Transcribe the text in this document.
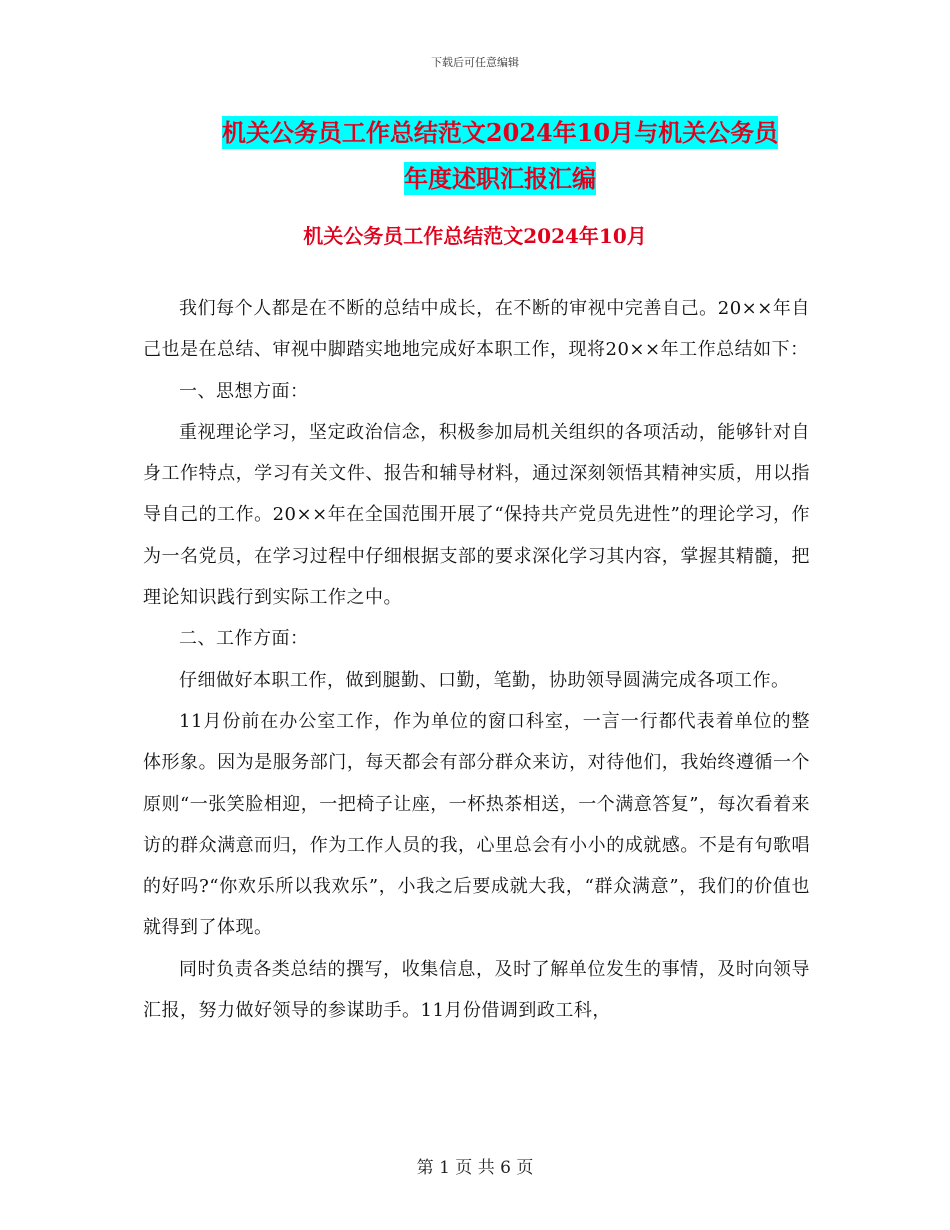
下载后可任意编辑
机关公务员工作总结范文2024年10月与机关公务员
年度述职汇报汇编
机关公务员工作总结范文2024年10月

我们每个人都是在不断的总结中成长，在不断的审视中完善自己。20××年自己也是在总结、审视中脚踏实地地完成好本职工作，现将20××年工作总结如下：

一、思想方面：

重视理论学习，坚定政治信念，积极参加局机关组织的各项活动，能够针对自身工作特点，学习有关文件、报告和辅导材料，通过深刻领悟其精神实质，用以指导自己的工作。20××年在全国范围开展了“保持共产党员先进性”的理论学习，作为一名党员，在学习过程中仔细根据支部的要求深化学习其内容，掌握其精髓，把理论知识践行到实际工作之中。

二、工作方面：

仔细做好本职工作，做到腿勤、口勤，笔勤，协助领导圆满完成各项工作。

11月份前在办公室工作，作为单位的窗口科室，一言一行都代表着单位的整体形象。因为是服务部门，每天都会有部分群众来访，对待他们，我始终遵循一个原则“一张笑脸相迎，一把椅子让座，一杯热茶相送，一个满意答复”，每次看着来访的群众满意而归，作为工作人员的我，心里总会有小小的成就感。不是有句歌唱的好吗?“你欢乐所以我欢乐”，小我之后要成就大我，“群众满意”，我们的价值也就得到了体现。

同时负责各类总结的撰写，收集信息，及时了解单位发生的事情，及时向领导汇报，努力做好领导的参谋助手。11月份借调到政工科，

第 1 页 共 6 页
